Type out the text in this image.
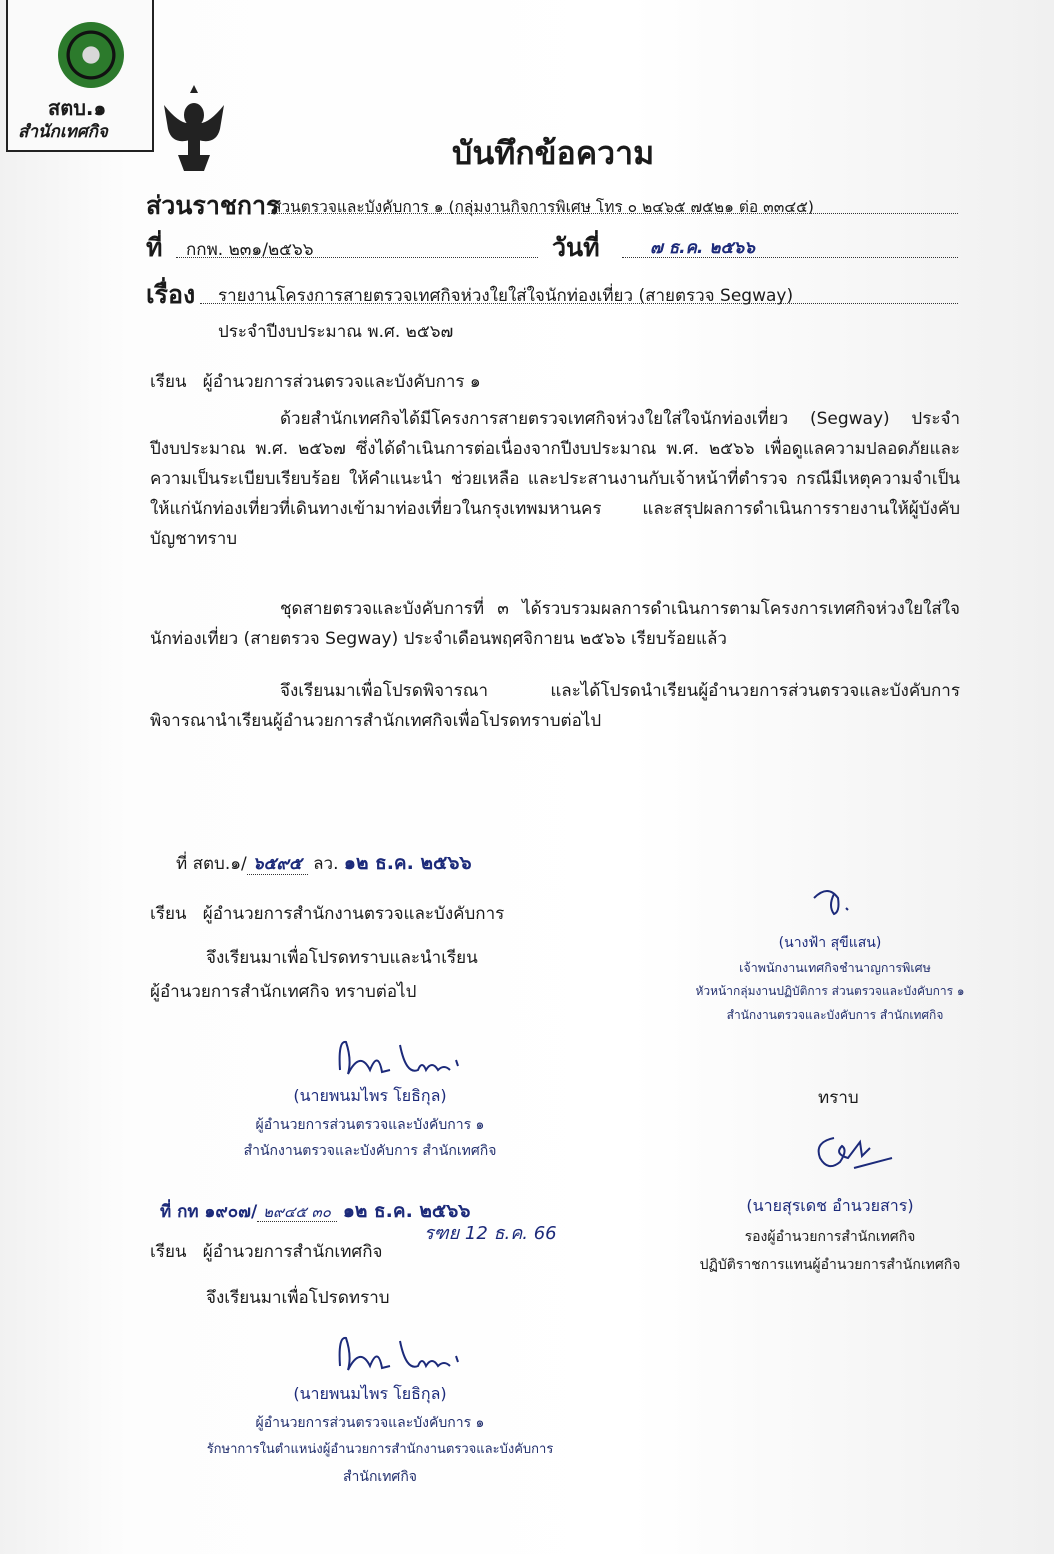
สตบ.๑
สำนักเทศกิจ
บันทึกข้อความ
ส่วนราชการ
ส่วนตรวจและบังคับการ ๑ (กลุ่มงานกิจการพิเศษ โทร ๐ ๒๔๖๕ ๗๕๒๑ ต่อ ๓๓๔๕)
ที่ กกพ. ๒๓๑/๒๕๖๖	วันที่	๗ ธ.ค. ๒๕๖๖
เรื่อง รายงานโครงการสายตรวจเทศกิจห่วงใยใส่ใจนักท่องเที่ยว (สายตรวจ Segway)
ประจำปีงบประมาณ พ.ศ. ๒๕๖๗
เรียน   ผู้อำนวยการส่วนตรวจและบังคับการ ๑
ด้วยสำนักเทศกิจได้มีโครงการสายตรวจเทศกิจห่วงใยใส่ใจนักท่องเที่ยว (Segway) ประจำปีงบประมาณ พ.ศ. ๒๕๖๗ ซึ่งได้ดำเนินการต่อเนื่องจากปีงบประมาณ พ.ศ. ๒๕๖๖ เพื่อดูแลความปลอดภัยและความเป็นระเบียบเรียบร้อย ให้คำแนะนำ ช่วยเหลือ และประสานงานกับเจ้าหน้าที่ตำรวจ กรณีมีเหตุความจำเป็นให้แก่นักท่องเที่ยวที่เดินทางเข้ามาท่องเที่ยวในกรุงเทพมหานคร และสรุปผลการดำเนินการรายงานให้ผู้บังคับบัญชาทราบ
ชุดสายตรวจและบังคับการที่ ๓ ได้รวบรวมผลการดำเนินการตามโครงการเทศกิจห่วงใยใส่ใจนักท่องเที่ยว (สายตรวจ Segway) ประจำเดือนพฤศจิกายน ๒๕๖๖ เรียบร้อยแล้ว
จึงเรียนมาเพื่อโปรดพิจารณา และได้โปรดนำเรียนผู้อำนวยการส่วนตรวจและบังคับการพิจารณานำเรียนผู้อำนวยการสำนักเทศกิจเพื่อโปรดทราบต่อไป
ที่ สตบ.๑/ ๖๕๙๕ ลว. ๑๒ ธ.ค. ๒๕๖๖
เรียน   ผู้อำนวยการสำนักงานตรวจและบังคับการ
จึงเรียนมาเพื่อโปรดทราบและนำเรียน
ผู้อำนวยการสำนักเทศกิจ ทราบต่อไป
(นายพนมไพร โยธิกุล)
ผู้อำนวยการส่วนตรวจและบังคับการ ๑
สำนักงานตรวจและบังคับการ สำนักเทศกิจ
(นางฟ้า สุขีแสน)
เจ้าพนักงานเทศกิจชำนาญการพิเศษ
หัวหน้ากลุ่มงานปฏิบัติการ ส่วนตรวจและบังคับการ ๑
สำนักงานตรวจและบังคับการ สำนักเทศกิจ
ทราบ
(นายสุรเดช อำนวยสาร)
รองผู้อำนวยการสำนักเทศกิจ
ปฏิบัติราชการแทนผู้อำนวยการสำนักเทศกิจ
ที่ กท ๑๙๐๗/ ๒๙๔๕ ๓๐ ๑๒ ธ.ค. ๒๕๖๖
รฑย 12 ธ.ค. 66
เรียน   ผู้อำนวยการสำนักเทศกิจ
จึงเรียนมาเพื่อโปรดทราบ
(นายพนมไพร โยธิกุล)
ผู้อำนวยการส่วนตรวจและบังคับการ ๑
รักษาการในตำแหน่งผู้อำนวยการสำนักงานตรวจและบังคับการ
สำนักเทศกิจ
